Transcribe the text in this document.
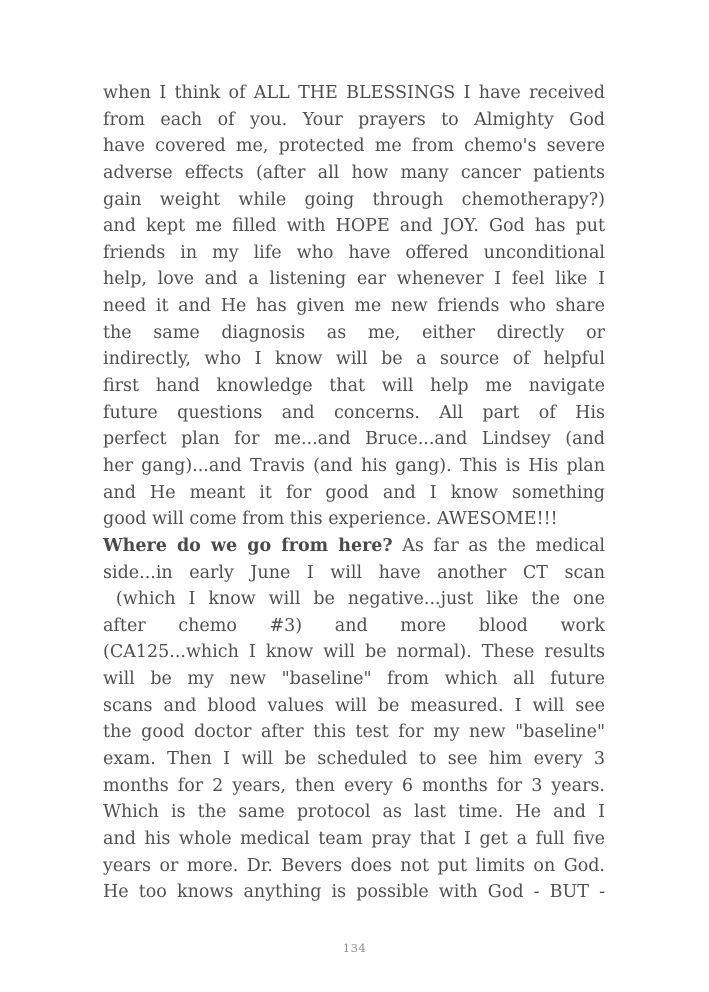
when I think of ALL THE BLESSINGS I have received
from each of you. Your prayers to Almighty God
have covered me, protected me from chemo's severe
adverse effects (after all how many cancer patients
gain weight while going through chemotherapy?)
and kept me filled with HOPE and JOY. God has put
friends in my life who have offered unconditional
help, love and a listening ear whenever I feel like I
need it and He has given me new friends who share
the same diagnosis as me, either directly or
indirectly, who I know will be a source of helpful
first hand knowledge that will help me navigate
future questions and concerns. All part of His
perfect plan for me...and Bruce...and Lindsey (and
her gang)...and Travis (and his gang). This is His plan
and He meant it for good and I know something
good will come from this experience. AWESOME!!!
Where do we go from here? As far as the medical
side...in early June I will have another CT scan
(which I know will be negative...just like the one
after chemo #3) and more blood work
(CA125...which I know will be normal). These results
will be my new "baseline" from which all future
scans and blood values will be measured. I will see
the good doctor after this test for my new "baseline"
exam. Then I will be scheduled to see him every 3
months for 2 years, then every 6 months for 3 years.
Which is the same protocol as last time. He and I
and his whole medical team pray that I get a full five
years or more. Dr. Bevers does not put limits on God.
He too knows anything is possible with God - BUT -
134
